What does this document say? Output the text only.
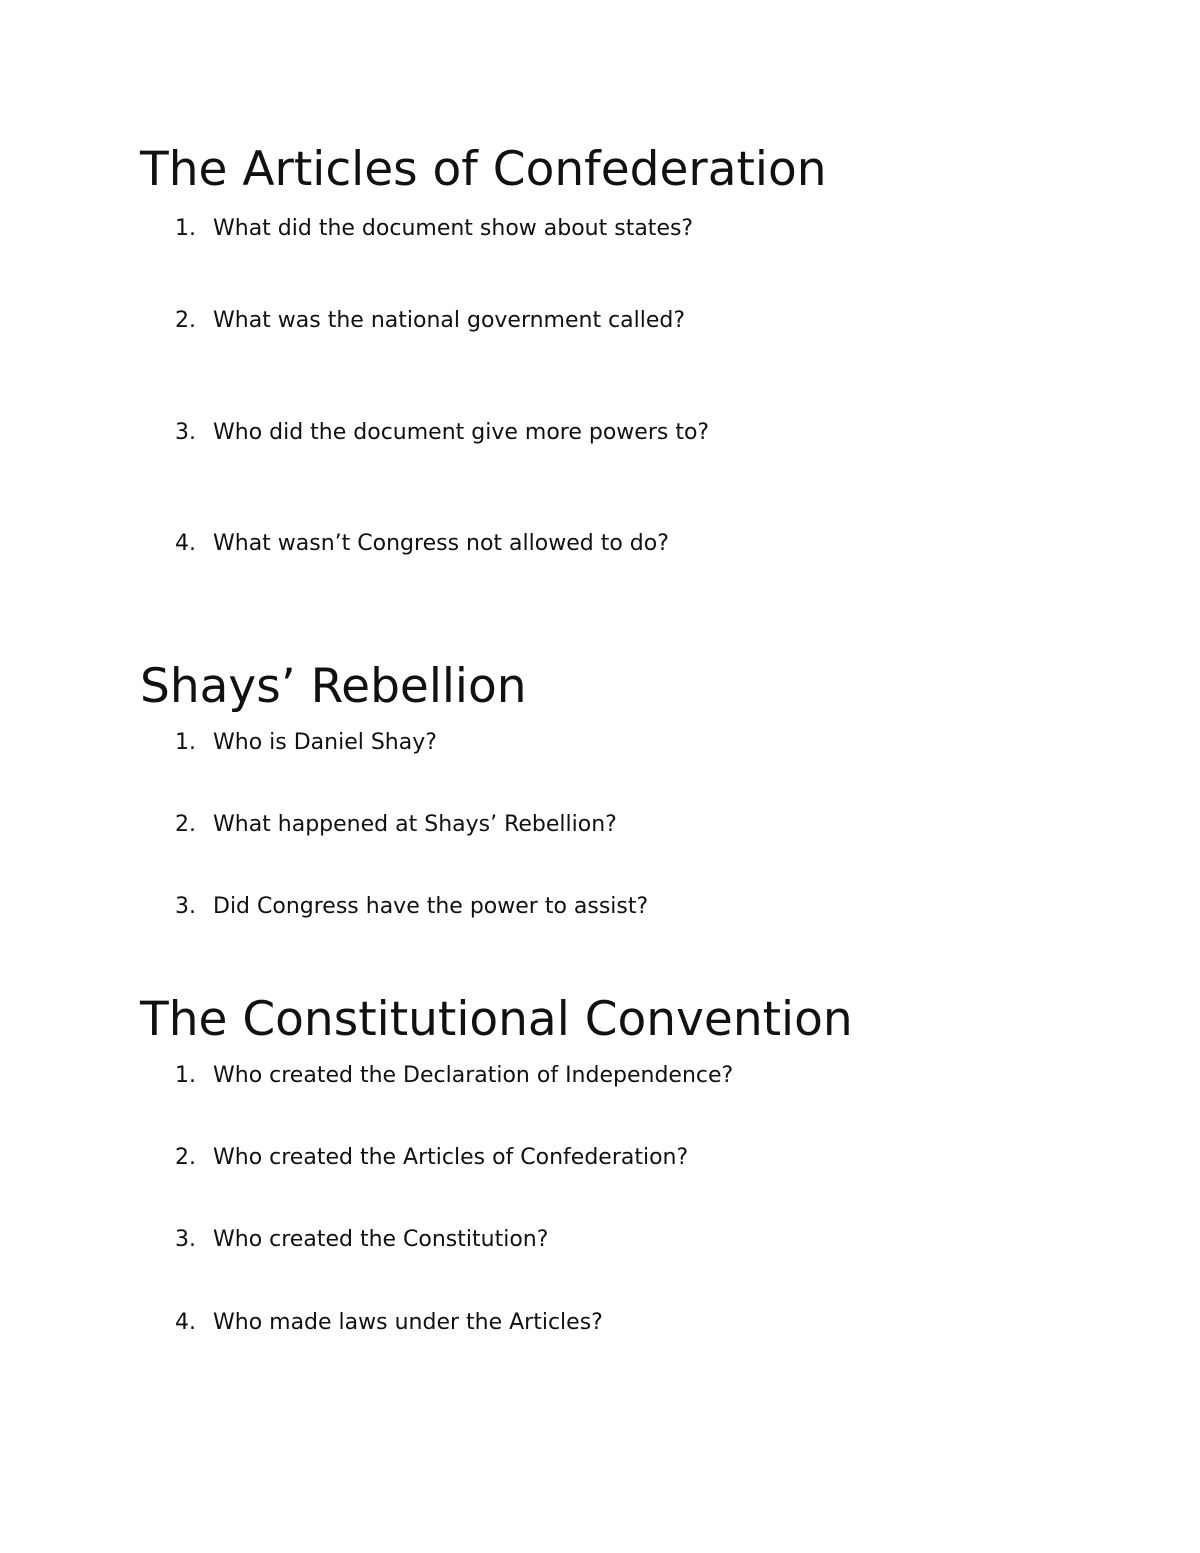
The Articles of Confederation
1. What did the document show about states?
2. What was the national government called?
3. Who did the document give more powers to?
4. What wasn’t Congress not allowed to do?
Shays’ Rebellion
1. Who is Daniel Shay?
2. What happened at Shays’ Rebellion?
3. Did Congress have the power to assist?
The Constitutional Convention
1. Who created the Declaration of Independence?
2. Who created the Articles of Confederation?
3. Who created the Constitution?
4. Who made laws under the Articles?
